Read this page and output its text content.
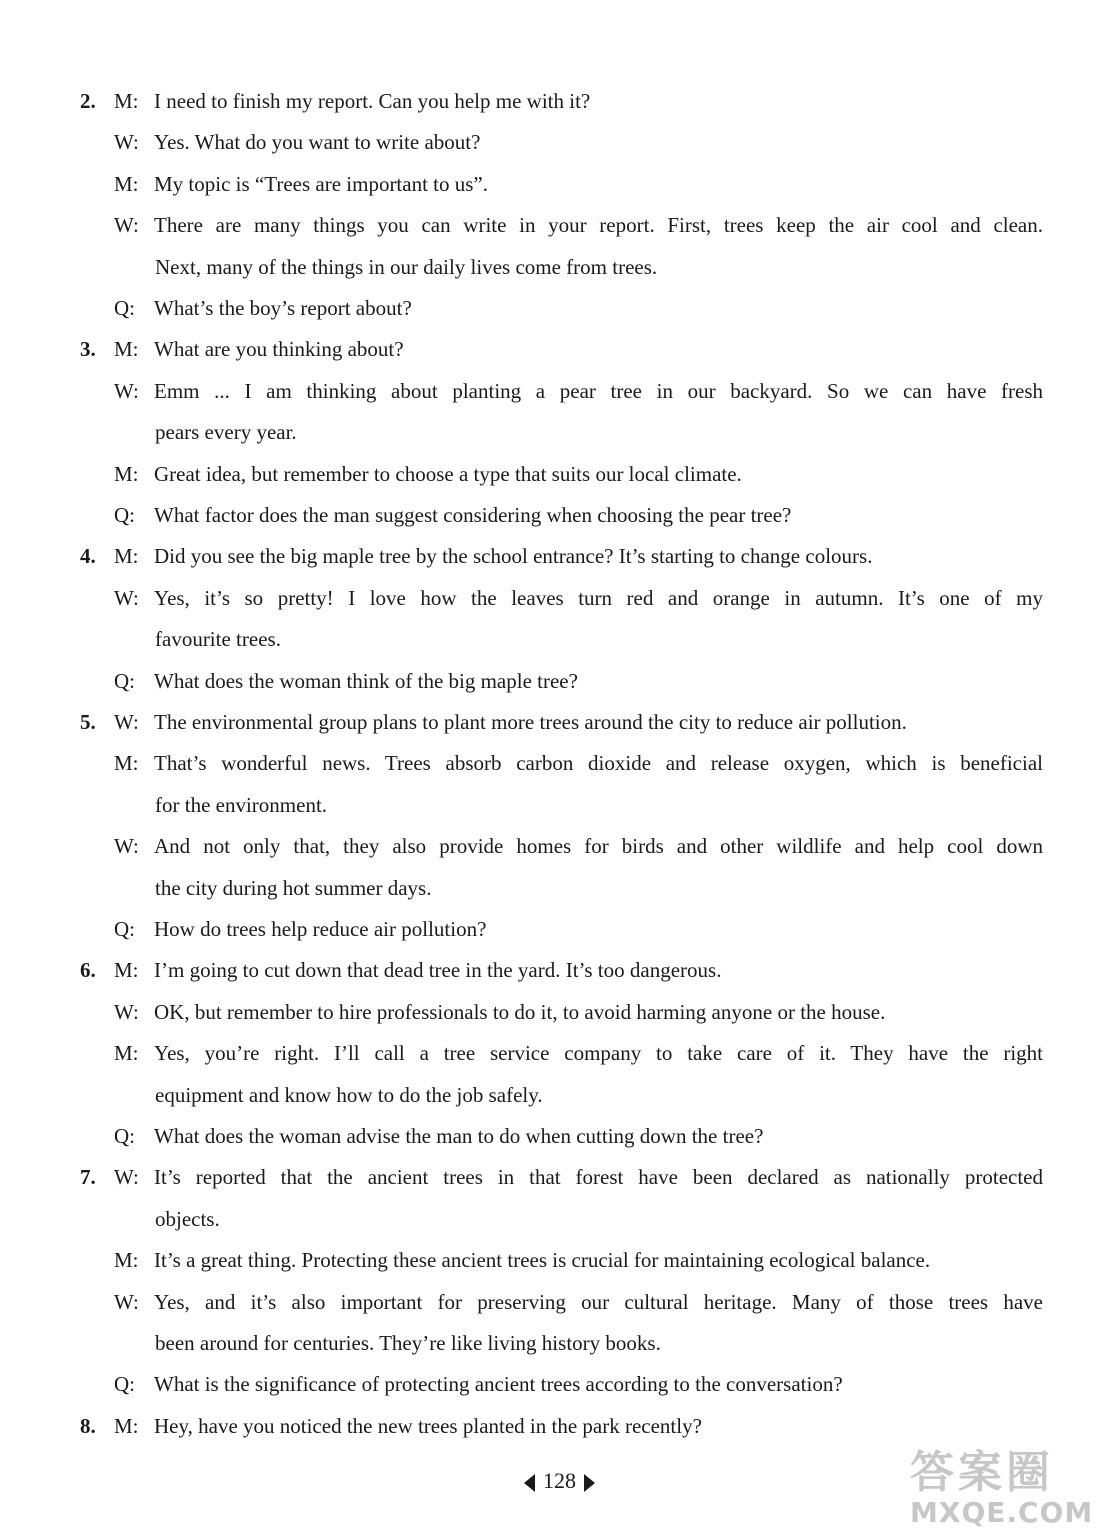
2. M: I need to finish my report. Can you help me with it?
W: Yes. What do you want to write about?
M: My topic is “Trees are important to us”.
W: There are many things you can write in your report. First, trees keep the air cool and clean.
Next, many of the things in our daily lives come from trees.
Q: What’s the boy’s report about?
3. M: What are you thinking about?
W: Emm ... I am thinking about planting a pear tree in our backyard. So we can have fresh
pears every year.
M: Great idea, but remember to choose a type that suits our local climate.
Q: What factor does the man suggest considering when choosing the pear tree?
4. M: Did you see the big maple tree by the school entrance? It’s starting to change colours.
W: Yes, it’s so pretty! I love how the leaves turn red and orange in autumn. It’s one of my
favourite trees.
Q: What does the woman think of the big maple tree?
5. W: The environmental group plans to plant more trees around the city to reduce air pollution.
M: That’s wonderful news. Trees absorb carbon dioxide and release oxygen, which is beneficial
for the environment.
W: And not only that, they also provide homes for birds and other wildlife and help cool down
the city during hot summer days.
Q: How do trees help reduce air pollution?
6. M: I’m going to cut down that dead tree in the yard. It’s too dangerous.
W: OK, but remember to hire professionals to do it, to avoid harming anyone or the house.
M: Yes, you’re right. I’ll call a tree service company to take care of it. They have the right
equipment and know how to do the job safely.
Q: What does the woman advise the man to do when cutting down the tree?
7. W: It’s reported that the ancient trees in that forest have been declared as nationally protected
objects.
M: It’s a great thing. Protecting these ancient trees is crucial for maintaining ecological balance.
W: Yes, and it’s also important for preserving our cultural heritage. Many of those trees have
been around for centuries. They’re like living history books.
Q: What is the significance of protecting ancient trees according to the conversation?
8. M: Hey, have you noticed the new trees planted in the park recently?
128	答案圈
MXQE.COM
